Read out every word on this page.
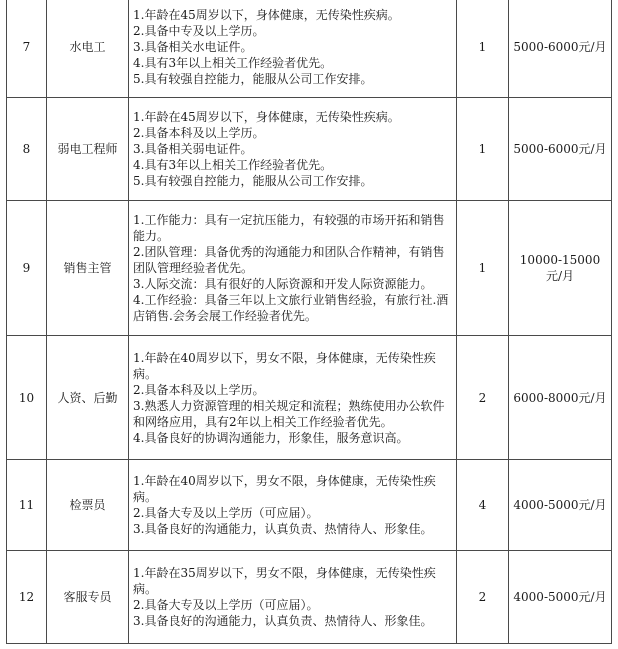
7	水电工	1.年龄在45周岁以下，身体健康，无传染性疾病。
2.具备中专及以上学历。
3.具备相关水电证件。
4.具有3年以上相关工作经验者优先。
5.具有较强自控能力，能服从公司工作安排。	1	5000-6000元/月
8	弱电工程师	1.年龄在45周岁以下，身体健康，无传染性疾病。
2.具备本科及以上学历。
3.具备相关弱电证件。
4.具有3年以上相关工作经验者优先。
5.具有较强自控能力，能服从公司工作安排。	1	5000-6000元/月
9	销售主管	1.工作能力：具有一定抗压能力，有较强的市场开拓和销售能力。
2.团队管理：具备优秀的沟通能力和团队合作精神，有销售团队管理经验者优先。
3.人际交流：具有很好的人际资源和开发人际资源能力。
4.工作经验：具备三年以上文旅行业销售经验，有旅行社.酒店销售.会务会展工作经验者优先。	1	10000-15000元/月
10	人资、后勤	1.年龄在40周岁以下，男女不限，身体健康，无传染性疾病。
2.具备本科及以上学历。
3.熟悉人力资源管理的相关规定和流程；熟练使用办公软件和网络应用，具有2年以上相关工作经验者优先。
4.具备良好的协调沟通能力，形象佳，服务意识高。	2	6000-8000元/月
11	检票员	1.年龄在40周岁以下，男女不限，身体健康，无传染性疾病。
2.具备大专及以上学历（可应届）。
3.具备良好的沟通能力，认真负责、热情待人、形象佳。	4	4000-5000元/月
12	客服专员	1.年龄在35周岁以下，男女不限，身体健康，无传染性疾病。
2.具备大专及以上学历（可应届）。
3.具备良好的沟通能力，认真负责、热情待人、形象佳。	2	4000-5000元/月
